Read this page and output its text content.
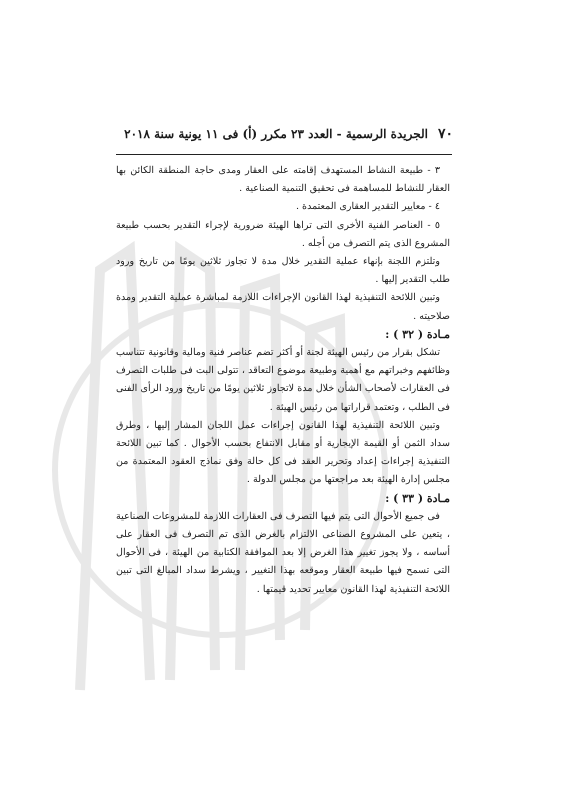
٧٠
الجريدة الرسمية - العدد ٢٣ مكرر (أ) فى ١١ يونية سنة ٢٠١٨

٣ - طبيعة النشاط المستهدف إقامته على العقار ومدى حاجة المنطقة الكائن بها العقار للنشاط للمساهمة فى تحقيق التنمية الصناعية .

٤ - معايير التقدير العقارى المعتمدة .

٥ - العناصر الفنية الأخرى التى تراها الهيئة ضرورية لإجراء التقدير بحسب طبيعة المشروع الذى يتم التصرف من أجله .

وتلتزم اللجنة بإنهاء عملية التقدير خلال مدة لا تجاوز ثلاثين يومًا من تاريخ ورود طلب التقدير إليها .

وتبين اللائحة التنفيذية لهذا القانون الإجراءات اللازمة لمباشرة عملية التقدير ومدة صلاحيته .

مـادة ( ٣٢ ) :

تشكل بقرار من رئيس الهيئة لجنة أو أكثر تضم عناصر فنية ومالية وقانونية تتناسب وظائفهم وخبراتهم مع أهمية وطبيعة موضوع التعاقد ، تتولى البت فى طلبات التصرف فى العقارات لأصحاب الشأن خلال مدة لاتجاوز ثلاثين يومًا من تاريخ ورود الرأى الفنى فى الطلب ، وتعتمد قراراتها من رئيس الهيئة .

وتبين اللائحة التنفيذية لهذا القانون إجراءات عمل اللجان المشار إليها ، وطرق سداد الثمن أو القيمة الإيجارية أو مقابل الانتفاع بحسب الأحوال . كما تبين اللائحة التنفيذية إجراءات إعداد وتحرير العقد فى كل حالة وفق نماذج العقود المعتمدة من مجلس إدارة الهيئة بعد مراجعتها من مجلس الدولة .

مـادة ( ٣٣ ) :

فى جميع الأحوال التى يتم فيها التصرف فى العقارات اللازمة للمشروعات الصناعية ، يتعين على المشروع الصناعى الالتزام بالغرض الذى تم التصرف فى العقار على أساسه ، ولا يجوز تغيير هذا الغرض إلا بعد الموافقة الكتابية من الهيئة ، فى الأحوال التى تسمح فيها طبيعة العقار وموقعه بهذا التغيير ، ويشرط سداد المبالغ التى تبين اللائحة التنفيذية لهذا القانون معايير تحديد قيمتها .
